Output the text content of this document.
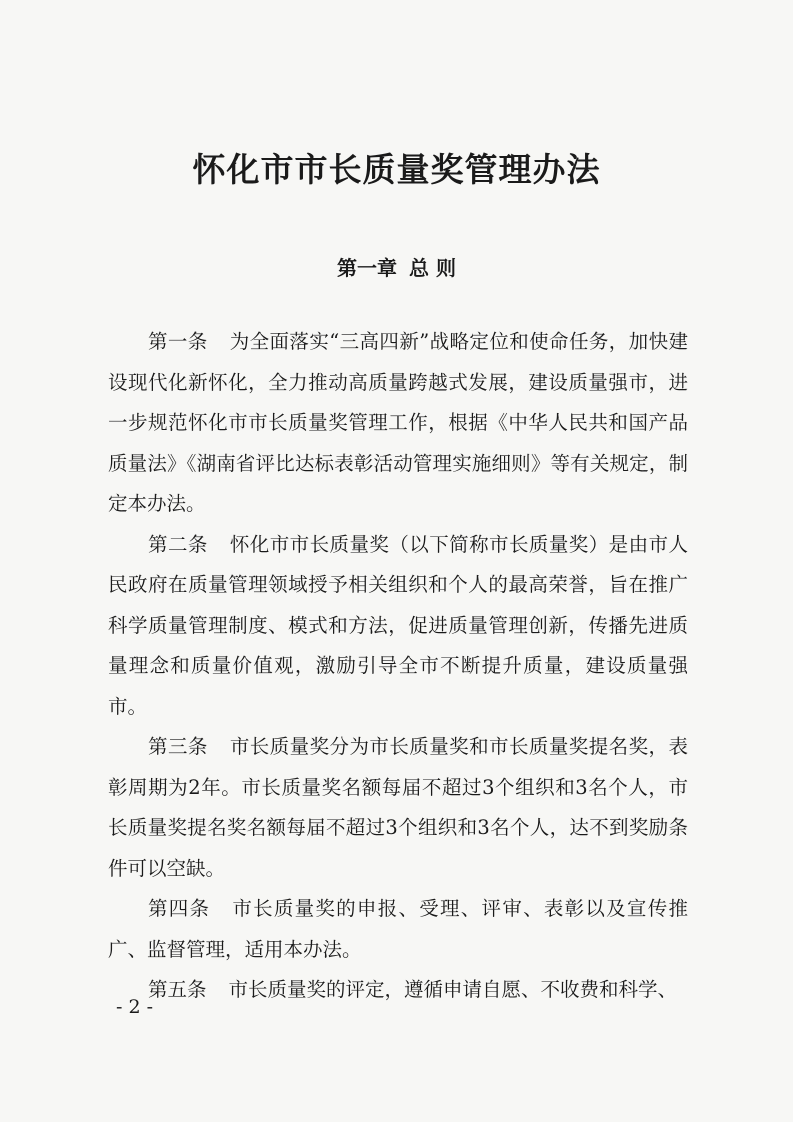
怀化市市长质量奖管理办法
第一章 总 则

第一条 为全面落实“三高四新”战略定位和使命任务，加快建设现代化新怀化，全力推动高质量跨越式发展，建设质量强市，进一步规范怀化市市长质量奖管理工作，根据《中华人民共和国产品质量法》《湖南省评比达标表彰活动管理实施细则》等有关规定，制定本办法。

第二条 怀化市市长质量奖（以下简称市长质量奖）是由市人民政府在质量管理领域授予相关组织和个人的最高荣誉，旨在推广科学质量管理制度、模式和方法，促进质量管理创新，传播先进质量理念和质量价值观，激励引导全市不断提升质量，建设质量强市。

第三条 市长质量奖分为市长质量奖和市长质量奖提名奖，表彰周期为2年。市长质量奖名额每届不超过3个组织和3名个人，市长质量奖提名奖名额每届不超过3个组织和3名个人，达不到奖励条件可以空缺。

第四条 市长质量奖的申报、受理、评审、表彰以及宣传推广、监督管理，适用本办法。

第五条 市长质量奖的评定，遵循申请自愿、不收费和科学、

- 2 -
